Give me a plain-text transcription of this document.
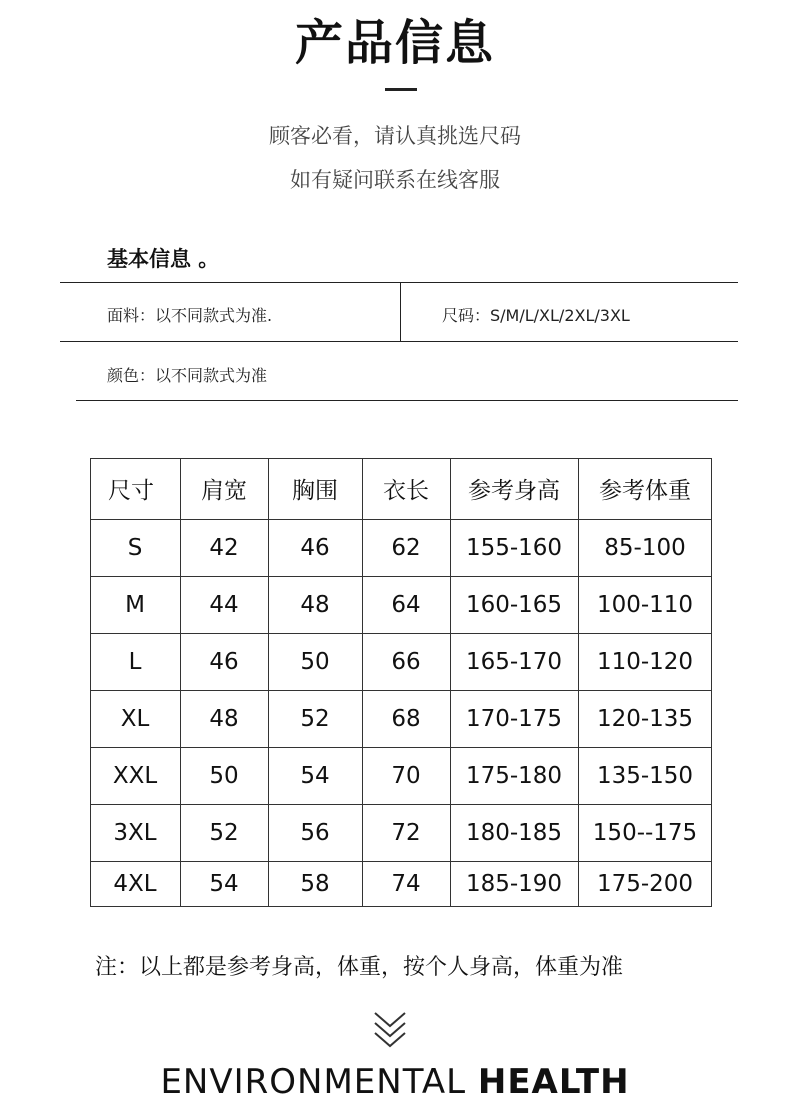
产品信息
顾客必看，请认真挑选尺码
如有疑问联系在线客服
基本信息 。
面料：以不同款式为准.	尺码：S/M/L/XL/2XL/3XL
颜色：以不同款式为准
尺寸	肩宽	胸围	衣长	参考身高	参考体重
S	42	46	62	155-160	85-100
M	44	48	64	160-165	100-110
L	46	50	66	165-170	110-120
XL	48	52	68	170-175	120-135
XXL	50	54	70	175-180	135-150
3XL	52	56	72	180-185	150--175
4XL	54	58	74	185-190	175-200
注：以上都是参考身高，体重，按个人身高，体重为准
ENVIRONMENTAL HEALTH
